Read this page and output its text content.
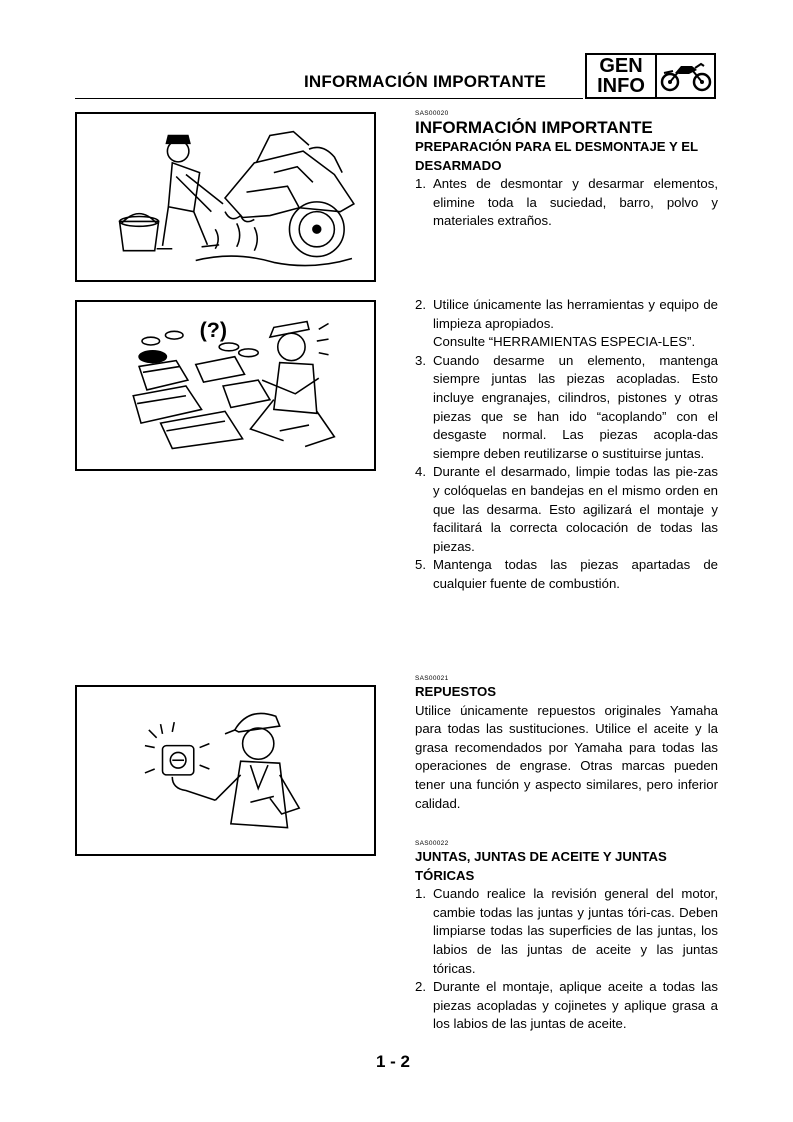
INFORMACIÓN IMPORTANTE
GEN
INFO
(?)
SAS00020
INFORMACIÓN IMPORTANTE
PREPARACIÓN PARA EL DESMONTAJE Y EL DESARMADO
1. Antes de desmontar y desarmar elementos, elimine toda la suciedad, barro, polvo y materiales extraños.
2. Utilice únicamente las herramientas y equipo de limpieza apropiados.
Consulte “HERRAMIENTAS ESPECIA-LES”.
3. Cuando desarme un elemento, mantenga siempre juntas las piezas acopladas. Esto incluye engranajes, cilindros, pistones y otras piezas que se han ido “acoplando” con el desgaste normal. Las piezas acopla-das siempre deben reutilizarse o sustituirse juntas.
4. Durante el desarmado, limpie todas las pie-zas y colóquelas en bandejas en el mismo orden en que las desarma. Esto agilizará el montaje y facilitará la correcta colocación de todas las piezas.
5. Mantenga todas las piezas apartadas de cualquier fuente de combustión.
SAS00021
REPUESTOS
Utilice únicamente repuestos originales Yamaha para todas las sustituciones. Utilice el aceite y la grasa recomendados por Yamaha para todas las operaciones de engrase. Otras marcas pueden tener una función y aspecto similares, pero inferior calidad.
SAS00022
JUNTAS, JUNTAS DE ACEITE Y JUNTAS TÓRICAS
1. Cuando realice la revisión general del motor, cambie todas las juntas y juntas tóri-cas. Deben limpiarse todas las superficies de las juntas, los labios de las juntas de aceite y las juntas tóricas.
2. Durante el montaje, aplique aceite a todas las piezas acopladas y cojinetes y aplique grasa a los labios de las juntas de aceite.
1 - 2
